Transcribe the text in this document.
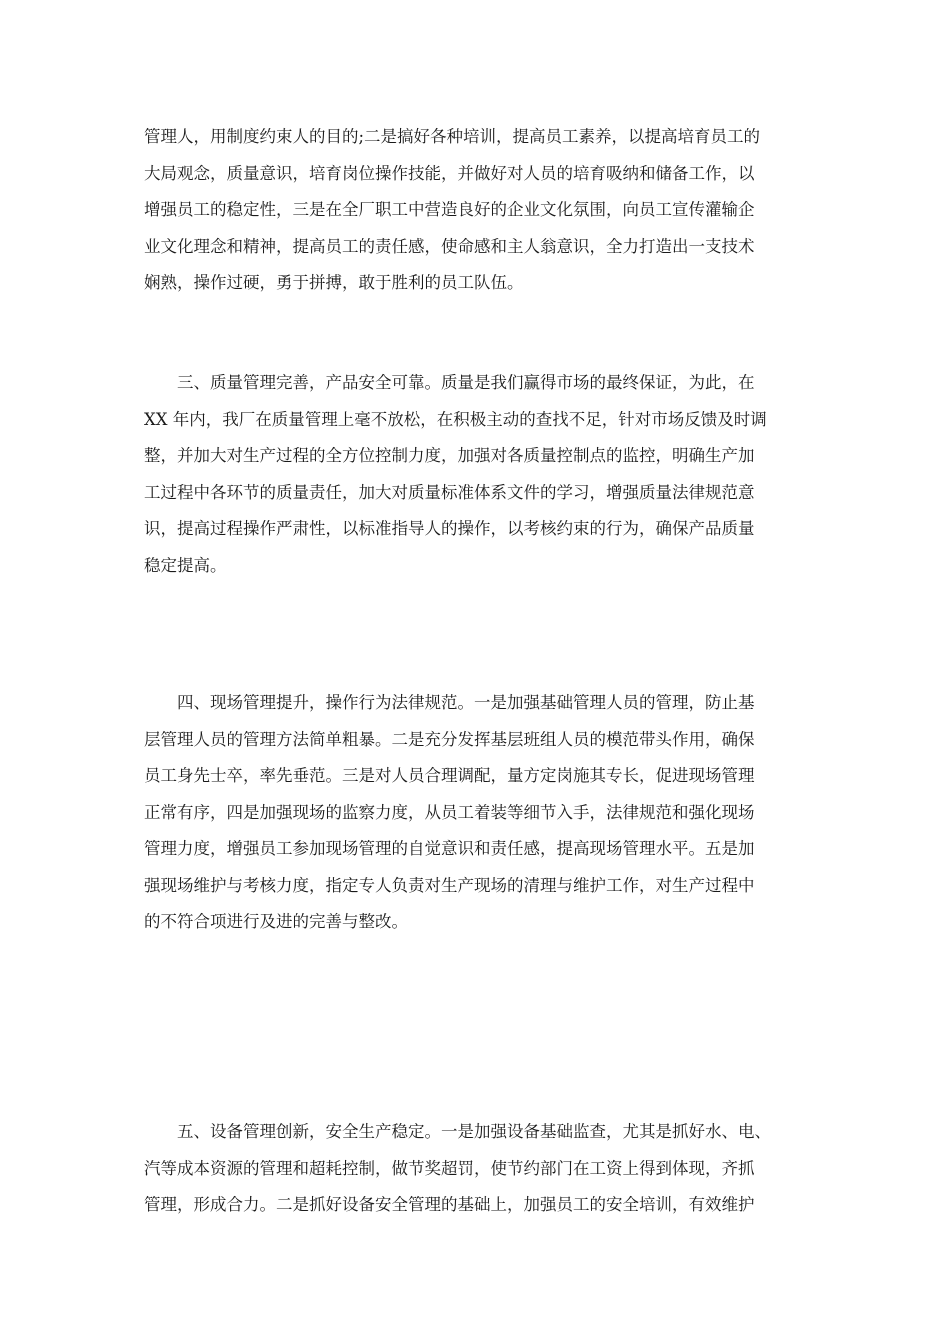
管理人，用制度约束人的目的;二是搞好各种培训，提高员工素养，以提高培育员工的
大局观念，质量意识，培育岗位操作技能，并做好对人员的培育吸纳和储备工作，以
增强员工的稳定性，三是在全厂职工中营造良好的企业文化氛围，向员工宣传灌输企
业文化理念和精神，提高员工的责任感，使命感和主人翁意识，全力打造出一支技术
娴熟，操作过硬，勇于拼搏，敢于胜利的员工队伍。

　　三、质量管理完善，产品安全可靠。质量是我们赢得市场的最终保证，为此，在
XX 年内，我厂在质量管理上毫不放松，在积极主动的查找不足，针对市场反馈及时调
整，并加大对生产过程的全方位控制力度，加强对各质量控制点的监控，明确生产加
工过程中各环节的质量责任，加大对质量标准体系文件的学习，增强质量法律规范意
识，提高过程操作严肃性，以标准指导人的操作，以考核约束的行为，确保产品质量
稳定提高。

　　四、现场管理提升，操作行为法律规范。一是加强基础管理人员的管理，防止基
层管理人员的管理方法简单粗暴。二是充分发挥基层班组人员的模范带头作用，确保
员工身先士卒，率先垂范。三是对人员合理调配，量方定岗施其专长，促进现场管理
正常有序，四是加强现场的监察力度，从员工着装等细节入手，法律规范和强化现场
管理力度，增强员工参加现场管理的自觉意识和责任感，提高现场管理水平。五是加
强现场维护与考核力度，指定专人负责对生产现场的清理与维护工作，对生产过程中
的不符合项进行及进的完善与整改。

　　五、设备管理创新，安全生产稳定。一是加强设备基础监查，尤其是抓好水、电、
汽等成本资源的管理和超耗控制，做节奖超罚，使节约部门在工资上得到体现，齐抓
管理，形成合力。二是抓好设备安全管理的基础上，加强员工的安全培训，有效维护
